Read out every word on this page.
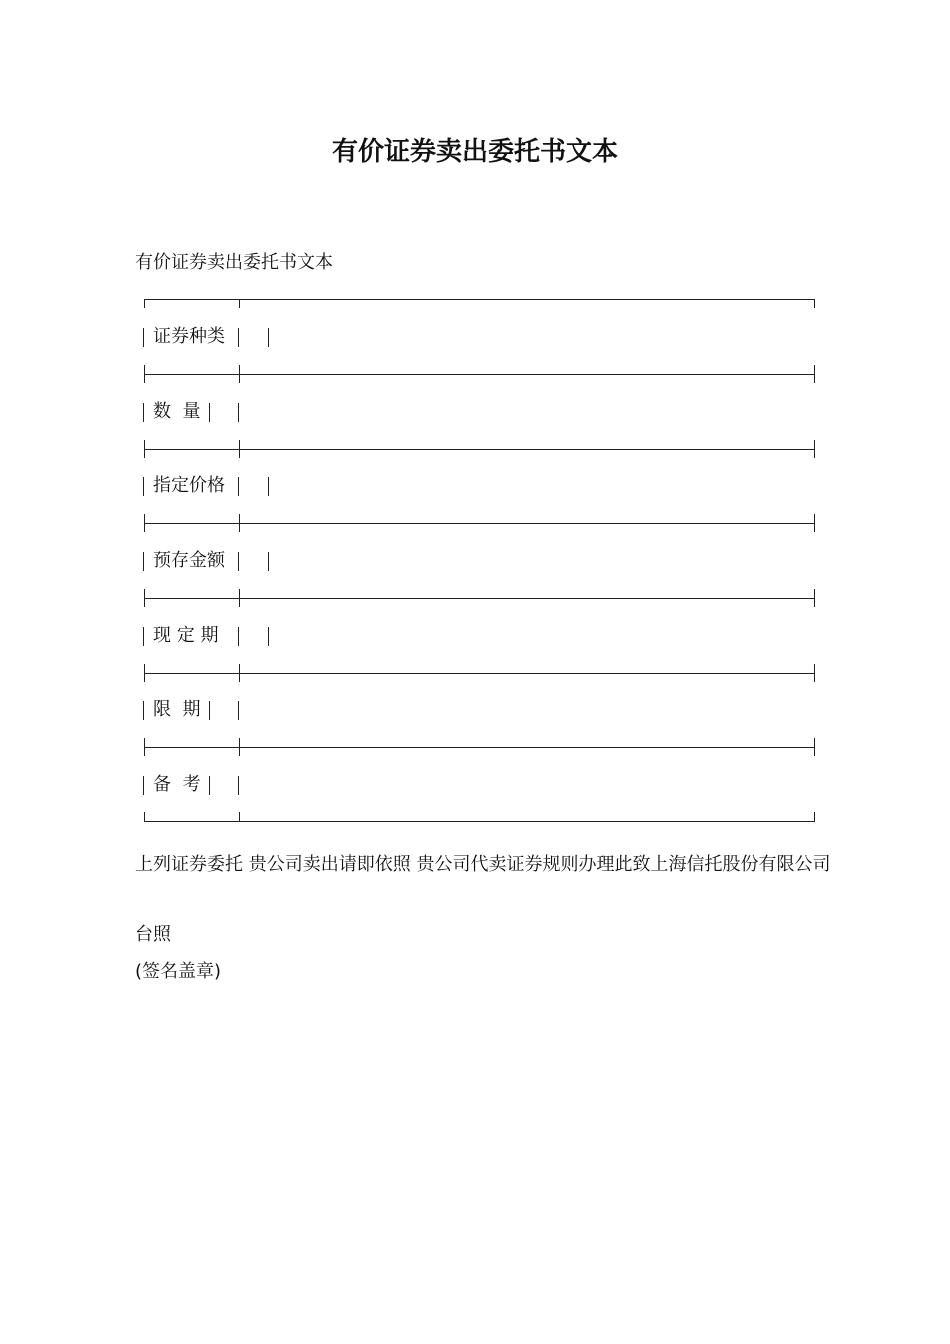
有价证券卖出委托书文本

有价证券卖出委托书文本

证券种类
数  量
指定价格
预存金额
现 定 期
限  期
备  考

上列证券委托 贵公司卖出请即依照 贵公司代卖证券规则办理此致上海信托股份有限公司

台照

(签名盖章)
